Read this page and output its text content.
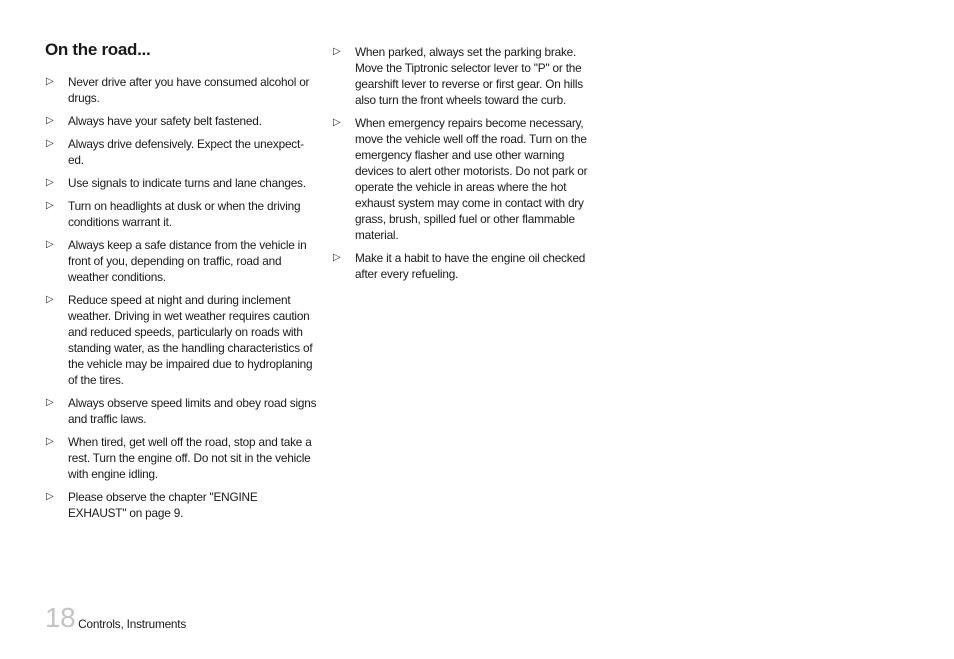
On the road...
▷ Never drive after you have consumed alcohol or drugs.
▷ Always have your safety belt fastened.
▷ Always drive defensively. Expect the unexpect-ed.
▷ Use signals to indicate turns and lane changes.
▷ Turn on headlights at dusk or when the driving conditions warrant it.
▷ Always keep a safe distance from the vehicle in front of you, depending on traffic, road and weather conditions.
▷ Reduce speed at night and during inclement weather. Driving in wet weather requires caution and reduced speeds, particularly on roads with standing water, as the handling characteristics of the vehicle may be impaired due to hydroplaning of the tires.
▷ Always observe speed limits and obey road signs and traffic laws.
▷ When tired, get well off the road, stop and take a rest. Turn the engine off. Do not sit in the vehicle with engine idling.
▷ Please observe the chapter "ENGINE EXHAUST" on page 9.
▷ When parked, always set the parking brake. Move the Tiptronic selector lever to "P" or the gearshift lever to reverse or first gear. On hills also turn the front wheels toward the curb.
▷ When emergency repairs become necessary, move the vehicle well off the road. Turn on the emergency flasher and use other warning devices to alert other motorists. Do not park or operate the vehicle in areas where the hot exhaust system may come in contact with dry grass, brush, spilled fuel or other flammable material.
▷ Make it a habit to have the engine oil checked after every refueling.
18 Controls, Instruments
